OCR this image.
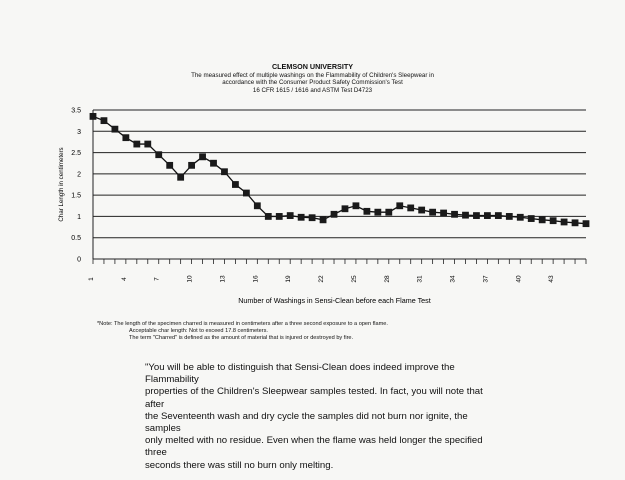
CLEMSON UNIVERSITY
The measured effect of multiple washings on the Flammability of Children's Sleepwear in
accordance with the Consumer Product Safety Commission's Test
16 CFR 1615 / 1616 and ASTM Test D4723
0
0.5
1
1.5
2
2.5
3
3.5
1	4	7	10	13	16	19	22	25	28	31	34	37	40	43
Char Length in centimeters
Number of Washings in Sensi-Clean before each Flame Test
*Note: The length of the specimen charred is measured in centimeters after a three second exposure to a open flame.
Acceptable char length: Not to exceed 17.8 centimeters.
The term "Charred" is defined as the amount of material that is injured or destroyed by fire.
"You will be able to distinguish that Sensi-Clean does indeed improve the Flammability
properties of the Children's Sleepwear samples tested. In fact, you will note that after
the Seventeenth wash and dry cycle the samples did not burn nor ignite, the samples
only melted with no residue. Even when the flame was held longer the specified three
seconds there was still no burn only melting.
